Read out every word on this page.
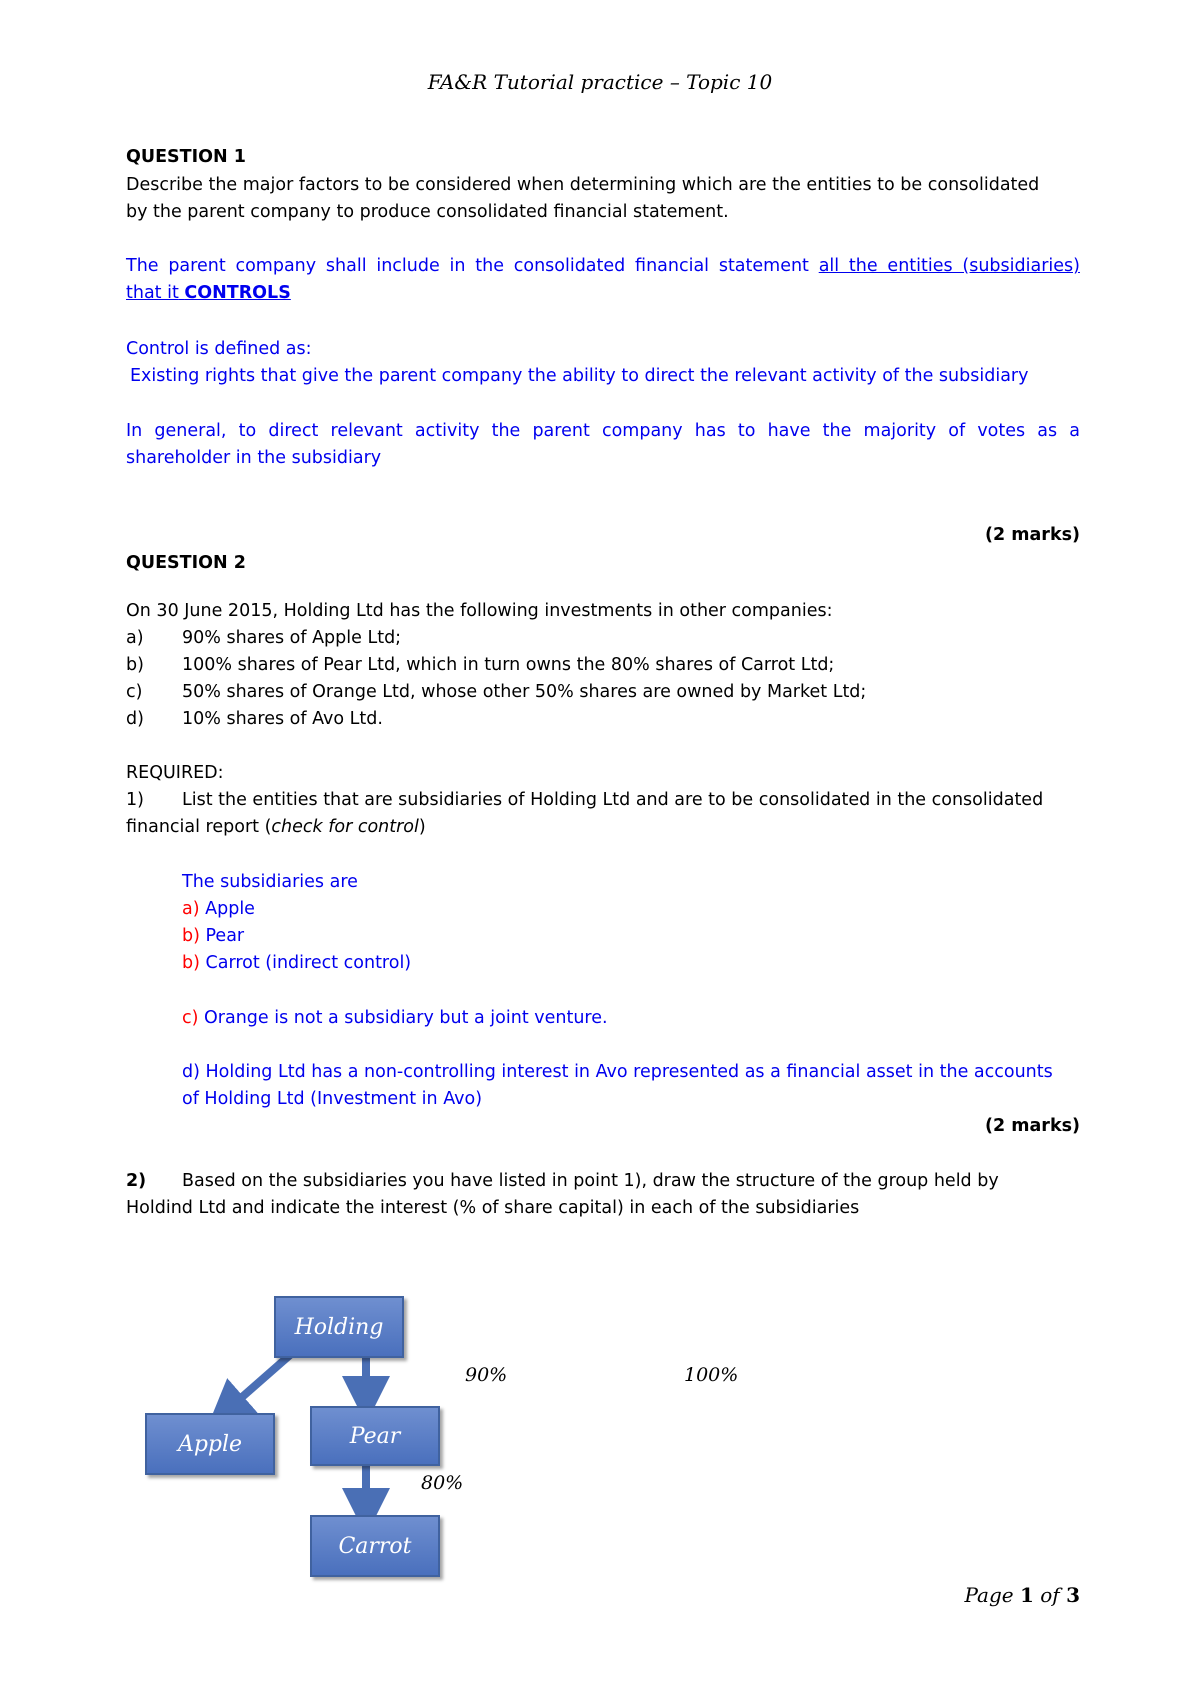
FA&R Tutorial practice – Topic 10
QUESTION 1
Describe the major factors to be considered when determining which are the entities to be consolidated
by the parent company to produce consolidated financial statement.
The parent company shall include in the consolidated financial statement all the entities (subsidiaries)
that it CONTROLS
Control is defined as:
Existing rights that give the parent company the ability to direct the relevant activity of the subsidiary
In general, to direct relevant activity the parent company has to have the majority of votes as a
shareholder in the subsidiary
(2 marks)
QUESTION 2
On 30 June 2015, Holding Ltd has the following investments in other companies:
a) 90% shares of Apple Ltd;
b) 100% shares of Pear Ltd, which in turn owns the 80% shares of Carrot Ltd;
c) 50% shares of Orange Ltd, whose other 50% shares are owned by Market Ltd;
d) 10% shares of Avo Ltd.
REQUIRED:
1) List the entities that are subsidiaries of Holding Ltd and are to be consolidated in the consolidated
financial report (check for control)
The subsidiaries are
a) Apple
b) Pear
b) Carrot (indirect control)
c) Orange is not a subsidiary but a joint venture.
d) Holding Ltd has a non-controlling interest in Avo represented as a financial asset in the accounts
of Holding Ltd (Investment in Avo)
(2 marks)
2) Based on the subsidiaries you have listed in point 1), draw the structure of the group held by
Holdind Ltd and indicate the interest (% of share capital) in each of the subsidiaries
Holding
Apple	Pear
Carrot
90%	100%
80%
Page 1 of 3
